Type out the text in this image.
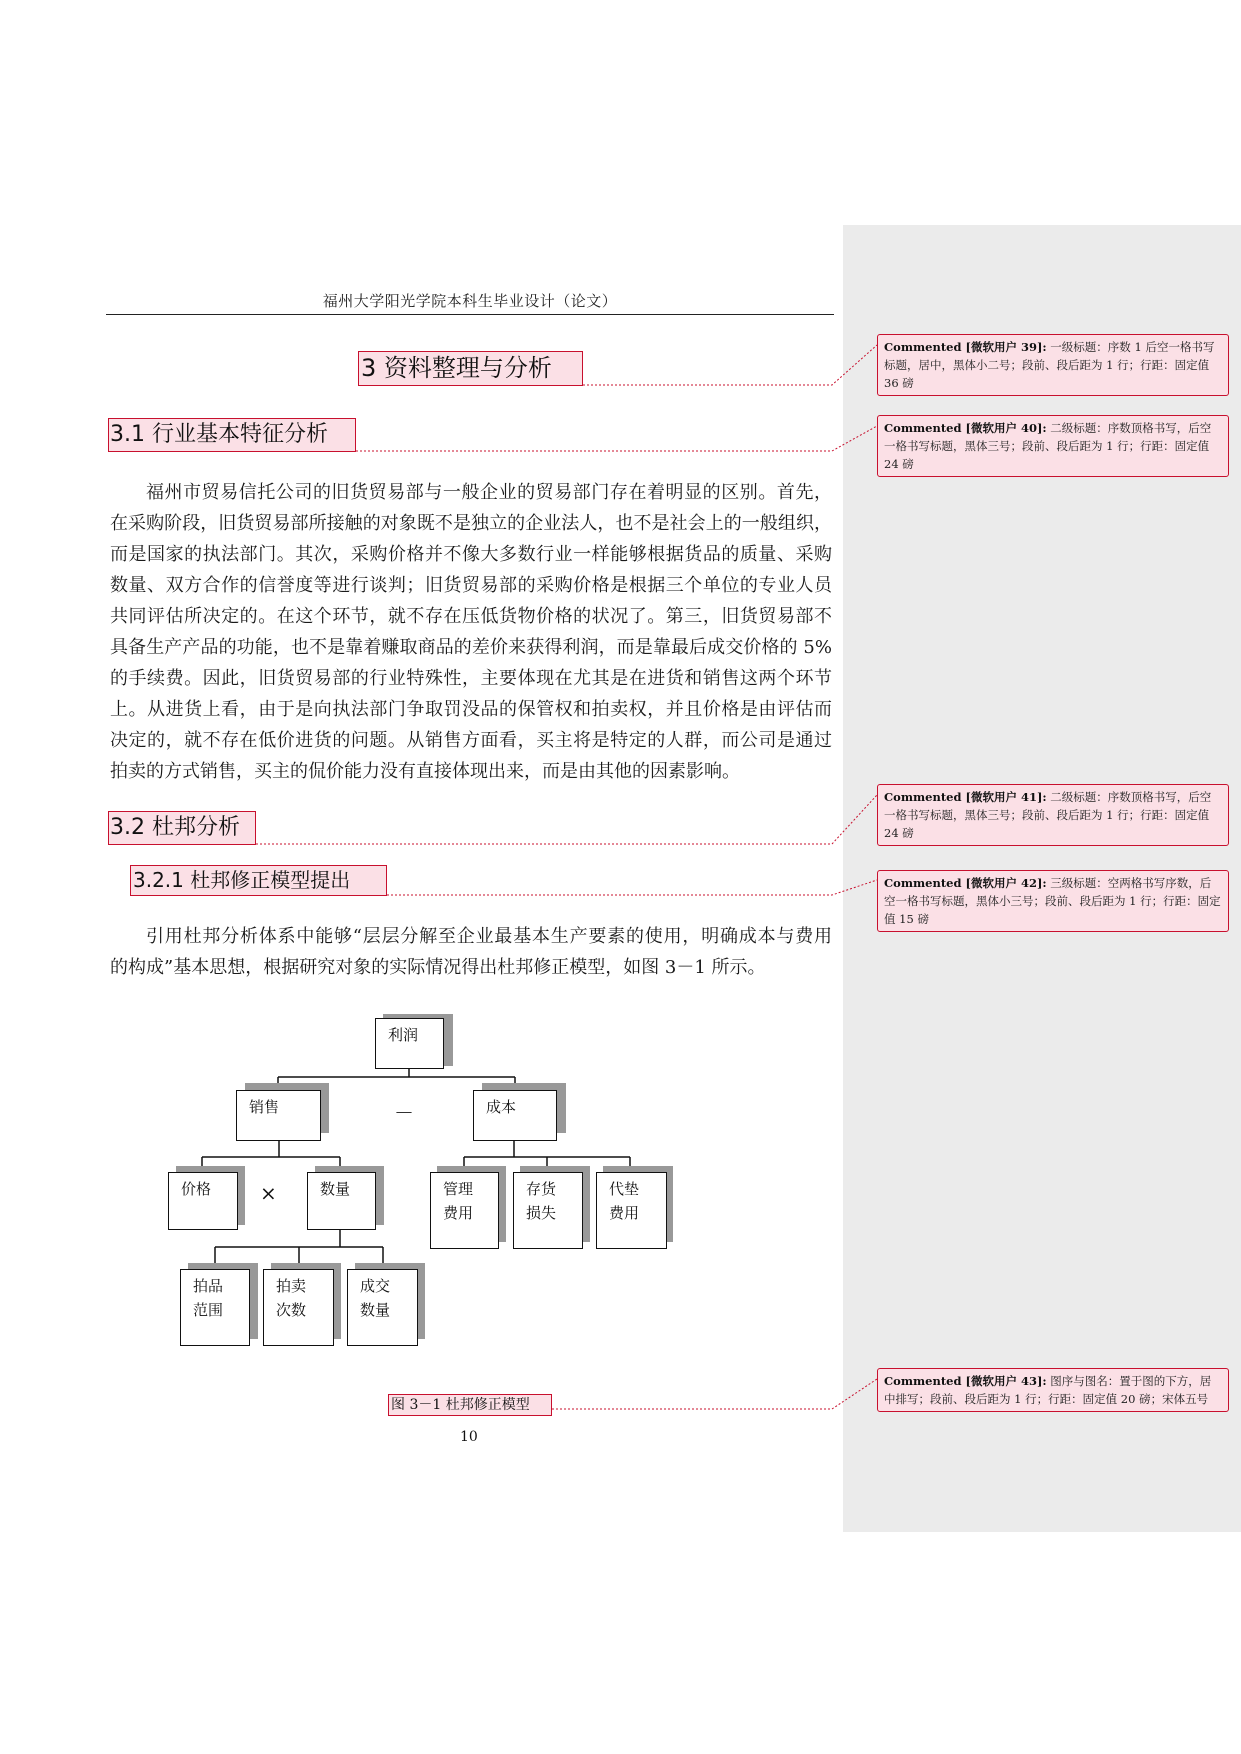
福州大学阳光学院本科生毕业设计（论文）
3 资料整理与分析
3.1 行业基本特征分析
福州市贸易信托公司的旧货贸易部与一般企业的贸易部门存在着明显的区别。首先，
在采购阶段，旧货贸易部所接触的对象既不是独立的企业法人，也不是社会上的一般组织，
而是国家的执法部门。其次，采购价格并不像大多数行业一样能够根据货品的质量、采购
数量、双方合作的信誉度等进行谈判；旧货贸易部的采购价格是根据三个单位的专业人员
共同评估所决定的。在这个环节，就不存在压低货物价格的状况了。第三，旧货贸易部不
具备生产产品的功能，也不是靠着赚取商品的差价来获得利润，而是靠最后成交价格的 5%
的手续费。因此，旧货贸易部的行业特殊性，主要体现在尤其是在进货和销售这两个环节
上。从进货上看，由于是向执法部门争取罚没品的保管权和拍卖权，并且价格是由评估而
决定的，就不存在低价进货的问题。从销售方面看，买主将是特定的人群，而公司是通过
拍卖的方式销售，买主的侃价能力没有直接体现出来，而是由其他的因素影响。
3.2 杜邦分析
3.2.1 杜邦修正模型提出
引用杜邦分析体系中能够“层层分解至企业最基本生产要素的使用，明确成本与费用
的构成”基本思想，根据研究对象的实际情况得出杜邦修正模型，如图 3－1 所示。
利润
销售	－	成本
价格	×	数量	管理
费用
存货
损失
代垫
费用
拍品
范围
拍卖
次数
成交
数量
图 3－1 杜邦修正模型
10
Commented [微软用户 39]: 一级标题：序数 1 后空一格书写标题，居中，黑体小二号；段前、段后距为 1 行；行距：固定值 36 磅
Commented [微软用户 40]: 二级标题：序数顶格书写，后空一格书写标题，黑体三号；段前、段后距为 1 行；行距：固定值 24 磅
Commented [微软用户 41]: 二级标题：序数顶格书写，后空一格书写标题，黑体三号；段前、段后距为 1 行；行距：固定值 24 磅
Commented [微软用户 42]: 三级标题：空两格书写序数，后空一格书写标题，黑体小三号；段前、段后距为 1 行；行距：固定值 15 磅
Commented [微软用户 43]: 图序与图名：置于图的下方，居中排写；段前、段后距为 1 行；行距：固定值 20 磅；宋体五号
